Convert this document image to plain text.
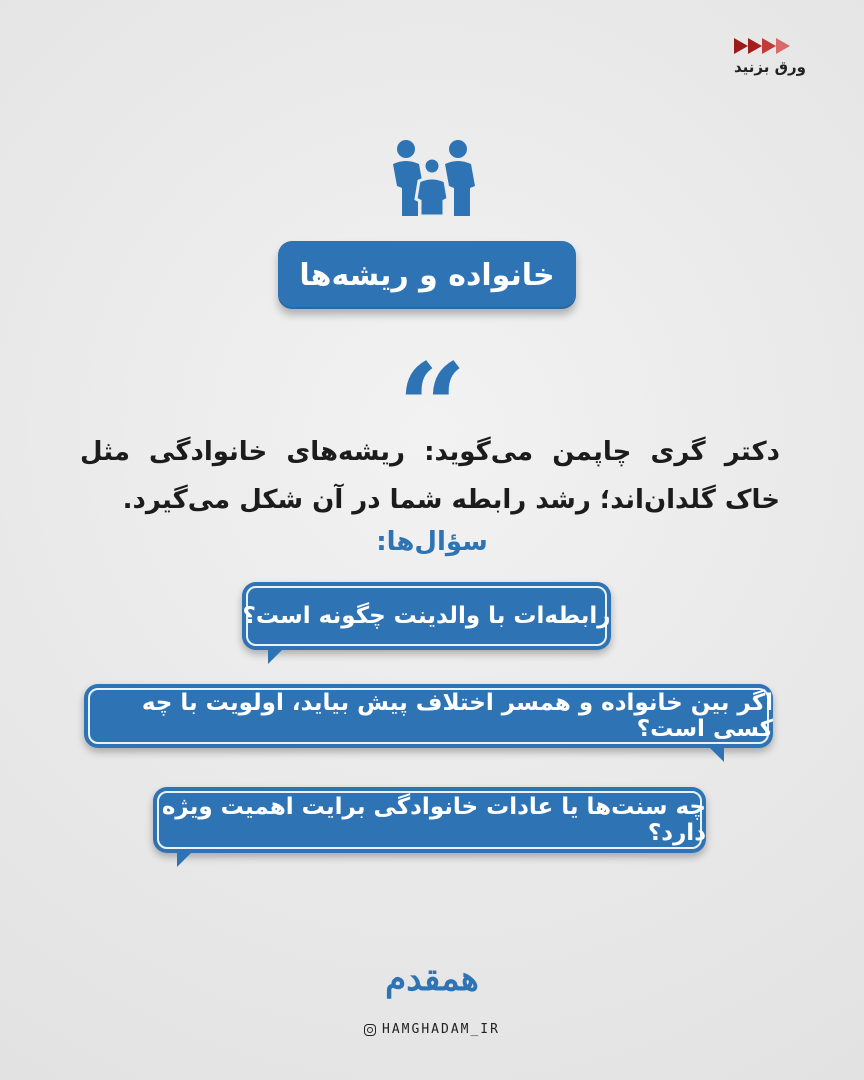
ورق بزنید
خانواده و ریشه‌ها
“
دکتر گری چاپمن می‌گوید: ریشه‌های خانوادگی مثل خاک گلدان‌اند؛ رشد رابطه شما در آن شکل می‌گیرد.
سؤال‌ها:
رابطه‌ات با والدینت چگونه است؟
اگر بین خانواده و همسر اختلاف پیش بیاید، اولویت با چه کسی است؟
چه سنت‌ها یا عادات خانوادگی برایت اهمیت ویژه دارد؟
همقدم
HAMGHADAM_IR
